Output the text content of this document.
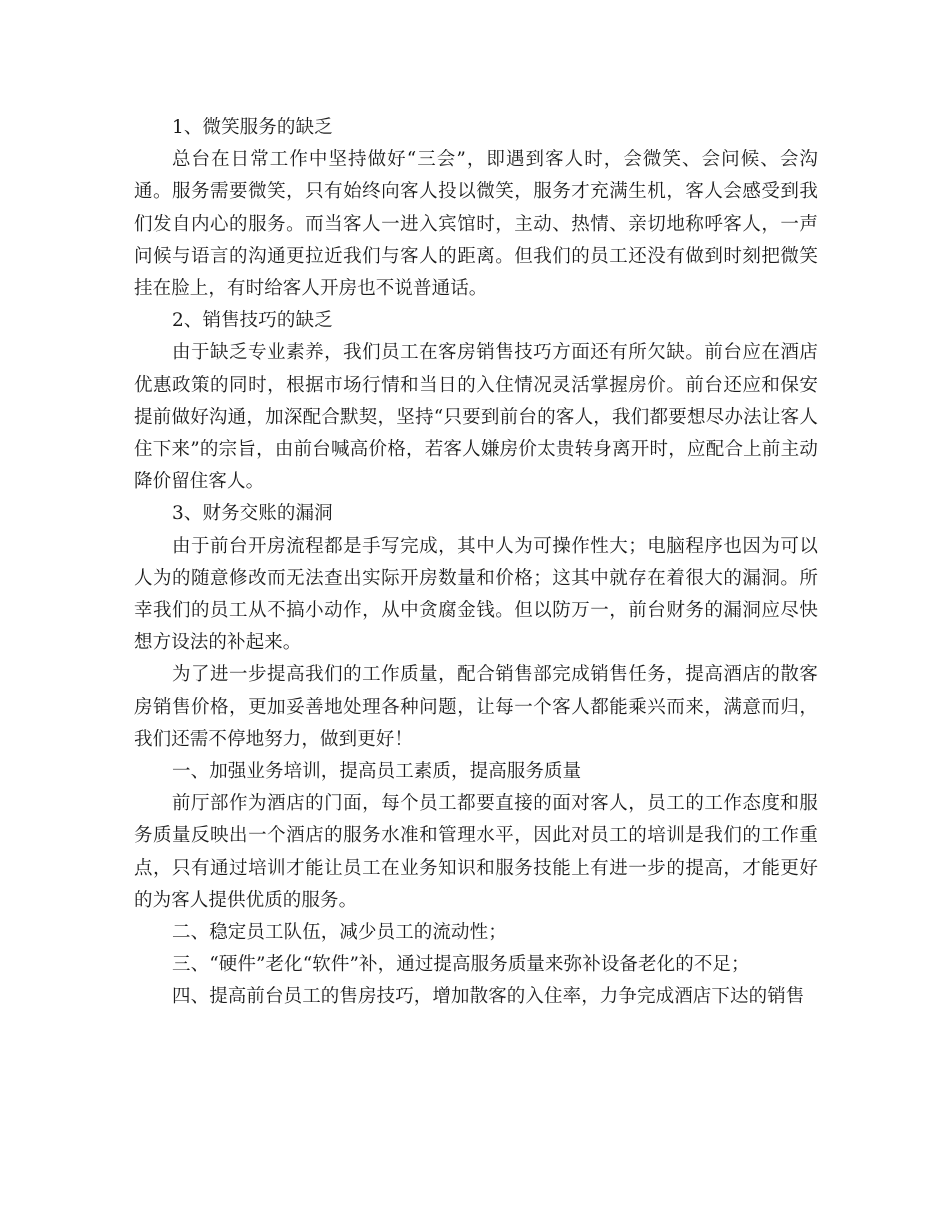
1、微笑服务的缺乏

总台在日常工作中坚持做好“三会”，即遇到客人时，会微笑、会问候、会沟通。服务需要微笑，只有始终向客人投以微笑，服务才充满生机，客人会感受到我们发自内心的服务。而当客人一进入宾馆时，主动、热情、亲切地称呼客人，一声问候与语言的沟通更拉近我们与客人的距离。但我们的员工还没有做到时刻把微笑挂在脸上，有时给客人开房也不说普通话。

2、销售技巧的缺乏

由于缺乏专业素养，我们员工在客房销售技巧方面还有所欠缺。前台应在酒店优惠政策的同时，根据市场行情和当日的入住情况灵活掌握房价。前台还应和保安提前做好沟通，加深配合默契，坚持“只要到前台的客人，我们都要想尽办法让客人住下来”的宗旨，由前台喊高价格，若客人嫌房价太贵转身离开时，应配合上前主动降价留住客人。

3、财务交账的漏洞

由于前台开房流程都是手写完成，其中人为可操作性大；电脑程序也因为可以人为的随意修改而无法查出实际开房数量和价格；这其中就存在着很大的漏洞。所幸我们的员工从不搞小动作，从中贪腐金钱。但以防万一，前台财务的漏洞应尽快想方设法的补起来。

为了进一步提高我们的工作质量，配合销售部完成销售任务，提高酒店的散客房销售价格，更加妥善地处理各种问题，让每一个客人都能乘兴而来，满意而归，我们还需不停地努力，做到更好！

一、加强业务培训，提高员工素质，提高服务质量

前厅部作为酒店的门面，每个员工都要直接的面对客人，员工的工作态度和服务质量反映出一个酒店的服务水准和管理水平，因此对员工的培训是我们的工作重点，只有通过培训才能让员工在业务知识和服务技能上有进一步的提高，才能更好的为客人提供优质的服务。

二、稳定员工队伍，减少员工的流动性；

三、“硬件”老化“软件”补，通过提高服务质量来弥补设备老化的不足；

四、提高前台员工的售房技巧，增加散客的入住率，力争完成酒店下达的销售
